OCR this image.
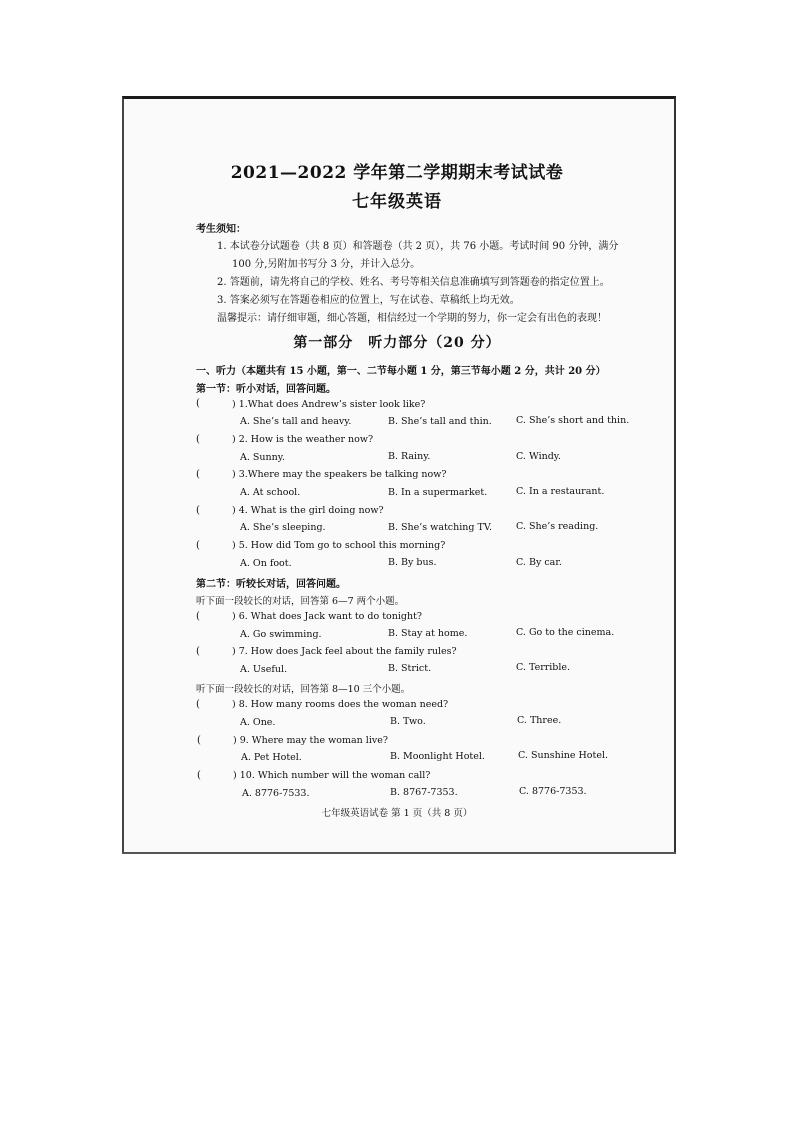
2021—2022 学年第二学期期末考试试卷
七年级英语
考生须知：
1. 本试卷分试题卷（共 8 页）和答题卷（共 2 页），共 76 小题。考试时间 90 分钟，满分
100 分,另附加书写分 3 分，并计入总分。
2. 答题前，请先将自己的学校、姓名、考号等相关信息准确填写到答题卷的指定位置上。
3. 答案必须写在答题卷相应的位置上，写在试卷、草稿纸上均无效。
温馨提示：请仔细审题，细心答题，相信经过一个学期的努力，你一定会有出色的表现！
第一部分　听力部分（20 分）
一、听力（本题共有 15 小题，第一、二节每小题 1 分，第三节每小题 2 分，共计 20 分）
第一节：听小对话，回答问题。
(	) 1.What does Andrew’s sister look like?
A. She’s tall and heavy.	B. She’s tall and thin.	C. She’s short and thin.
(	) 2. How is the weather now?
A. Sunny.	B. Rainy.	C. Windy.
(	) 3.Where may the speakers be talking now?
A. At school.	B. In a supermarket.	C. In a restaurant.
(	) 4. What is the girl doing now?
A. She’s sleeping.	B. She’s watching TV.	C. She’s reading.
(	) 5. How did Tom go to school this morning?
A. On foot.	B. By bus.	C. By car.
第二节：听较长对话，回答问题。
听下面一段较长的对话，回答第 6—7 两个小题。
(	) 6. What does Jack want to do tonight?
A. Go swimming.	B. Stay at home.	C. Go to the cinema.
(	) 7. How does Jack feel about the family rules?
A. Useful.	B. Strict.	C. Terrible.
听下面一段较长的对话，回答第 8—10 三个小题。
(	) 8. How many rooms does the woman need?
A. One.	B. Two.	C. Three.
(	) 9. Where may the woman live?
A. Pet Hotel.	B. Moonlight Hotel.	C. Sunshine Hotel.
(	) 10. Which number will the woman call?
A. 8776-7533.	B. 8767-7353.	C. 8776-7353.
七年级英语试卷 第 1 页（共 8 页）
